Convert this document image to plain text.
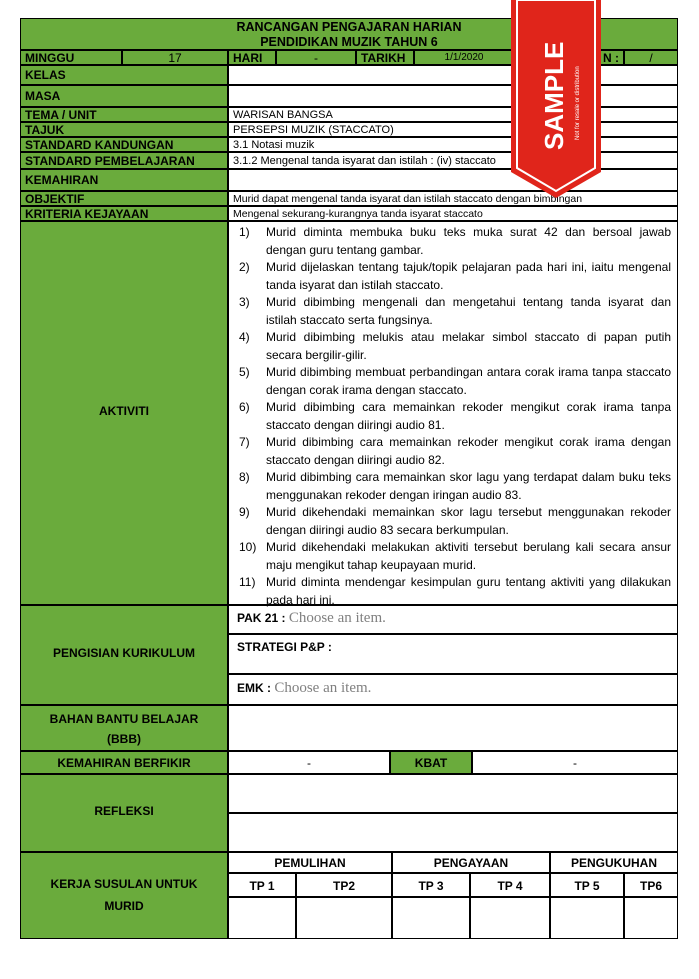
RANCANGAN PENGAJARAN HARIAN
PENDIDIKAN MUZIK TAHUN 6
MINGGU	17	HARI	-	TARIKH	1/1/2020	N :	/
KELAS
MASA
TEMA / UNIT	WARISAN BANGSA
TAJUK	PERSEPSI MUZIK (STACCATO)
STANDARD KANDUNGAN	3.1 Notasi muzik
STANDARD PEMBELAJARAN	3.1.2 Mengenal tanda isyarat dan istilah : (iv) staccato
KEMAHIRAN
OBJEKTIF	Murid dapat mengenal tanda isyarat dan istilah staccato dengan bimbingan
KRITERIA KEJAYAAN	Mengenal sekurang-kurangnya tanda isyarat staccato
AKTIVITI
1) Murid diminta membuka buku teks muka surat 42 dan bersoal jawab dengan guru tentang gambar.
2) Murid dijelaskan tentang tajuk/topik pelajaran pada hari ini, iaitu mengenal tanda isyarat dan istilah staccato.
3) Murid dibimbing mengenali dan mengetahui tentang tanda isyarat dan istilah staccato serta fungsinya.
4) Murid dibimbing melukis atau melakar simbol staccato di papan putih secara bergilir-gilir.
5) Murid dibimbing membuat perbandingan antara corak irama tanpa staccato dengan corak irama dengan staccato.
6) Murid dibimbing cara memainkan rekoder mengikut corak irama tanpa staccato dengan diiringi audio 81.
7) Murid dibimbing cara memainkan rekoder mengikut corak irama dengan staccato dengan diiringi audio 82.
8) Murid dibimbing cara memainkan skor lagu yang terdapat dalam buku teks menggunakan rekoder dengan iringan audio 83.
9) Murid dikehendaki memainkan skor lagu tersebut menggunakan rekoder dengan diiringi audio 83 secara berkumpulan.
10) Murid dikehendaki melakukan aktiviti tersebut berulang kali secara ansur maju mengikut tahap keupayaan murid.
11) Murid diminta mendengar kesimpulan guru tentang aktiviti yang dilakukan pada hari ini.
PENGISIAN KURIKULUM
PAK 21 : Choose an item.
STRATEGI P&P :
EMK : Choose an item.
BAHAN BANTU BELAJAR
(BBB)
KEMAHIRAN BERFIKIR	-	KBAT	-
REFLEKSI
KERJA SUSULAN UNTUK
MURID
PEMULIHAN	PENGAYAAN	PENGUKUHAN
TP 1	TP2	TP 3	TP 4	TP 5	TP6
SAMPLE Not for resale or distribution
